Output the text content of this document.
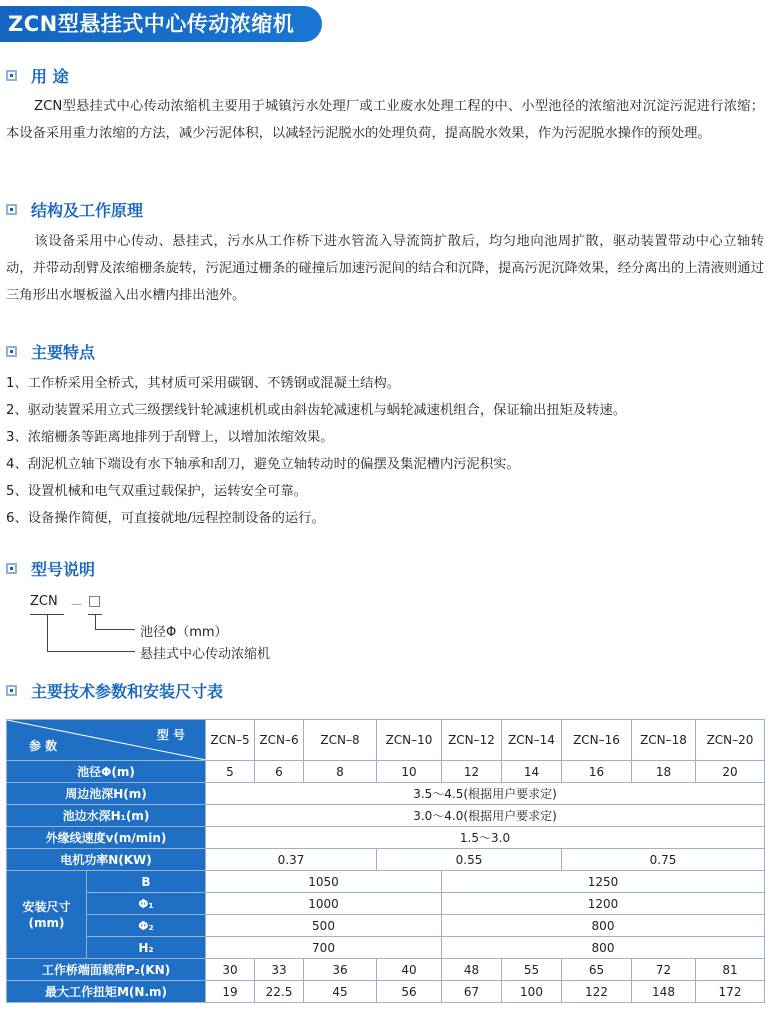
ZCN型悬挂式中心传动浓缩机
用 途
ZCN型悬挂式中心传动浓缩机主要用于城镇污水处理厂或工业废水处理工程的中、小型池径的浓缩池对沉淀污泥进行浓缩；本设备采用重力浓缩的方法，减少污泥体积，以减轻污泥脱水的处理负荷，提高脱水效果，作为污泥脱水操作的预处理。
结构及工作原理
该设备采用中心传动、悬挂式，污水从工作桥下进水管流入导流筒扩散后，均匀地向池周扩散，驱动装置带动中心立轴转动，并带动刮臂及浓缩栅条旋转，污泥通过栅条的碰撞后加速污泥间的结合和沉降，提高污泥沉降效果，经分离出的上清液则通过三角形出水堰板溢入出水槽内排出池外。
主要特点
1、工作桥采用全桥式，其材质可采用碳钢、不锈钢或混凝土结构。
2、驱动装置采用立式三级摆线针轮减速机机或由斜齿轮减速机与蜗轮减速机组合，保证输出扭矩及转速。
3、浓缩栅条等距离地排列于刮臂上，以增加浓缩效果。
4、刮泥机立轴下端设有水下轴承和刮刀，避免立轴转动时的偏摆及集泥槽内污泥积实。
5、设置机械和电气双重过载保护，运转安全可靠。
6、设备操作简便，可直接就地/远程控制设备的运行。
型号说明
ZCN － □
池径Φ（mm）
悬挂式中心传动浓缩机
主要技术参数和安装尺寸表
型 号
参 数		ZCN–5	ZCN–6	ZCN–8	ZCN–10	ZCN–12	ZCN–14	ZCN–16	ZCN–18	ZCN–20
池径Φ(m)		5	6	8	10	12	14	16	18	20
周边池深H(m)		3.5～4.5(根据用户要求定)								
池边水深H₁(m)		3.0～4.0(根据用户要求定)								
外缘线速度v(m/min)		1.5～3.0								
电机功率N(KW)		0.37			0.55			0.75		
安装尺寸
(mm)	B	1050				1250				
	Φ₁	1000				1200				
	Φ₂	500				800				
	H₂	700				800				
工作桥端面载荷P₂(KN)		30	33	36	40	48	55	65	72	81
最大工作扭矩M(N.m)		19	22.5	45	56	67	100	122	148	172
